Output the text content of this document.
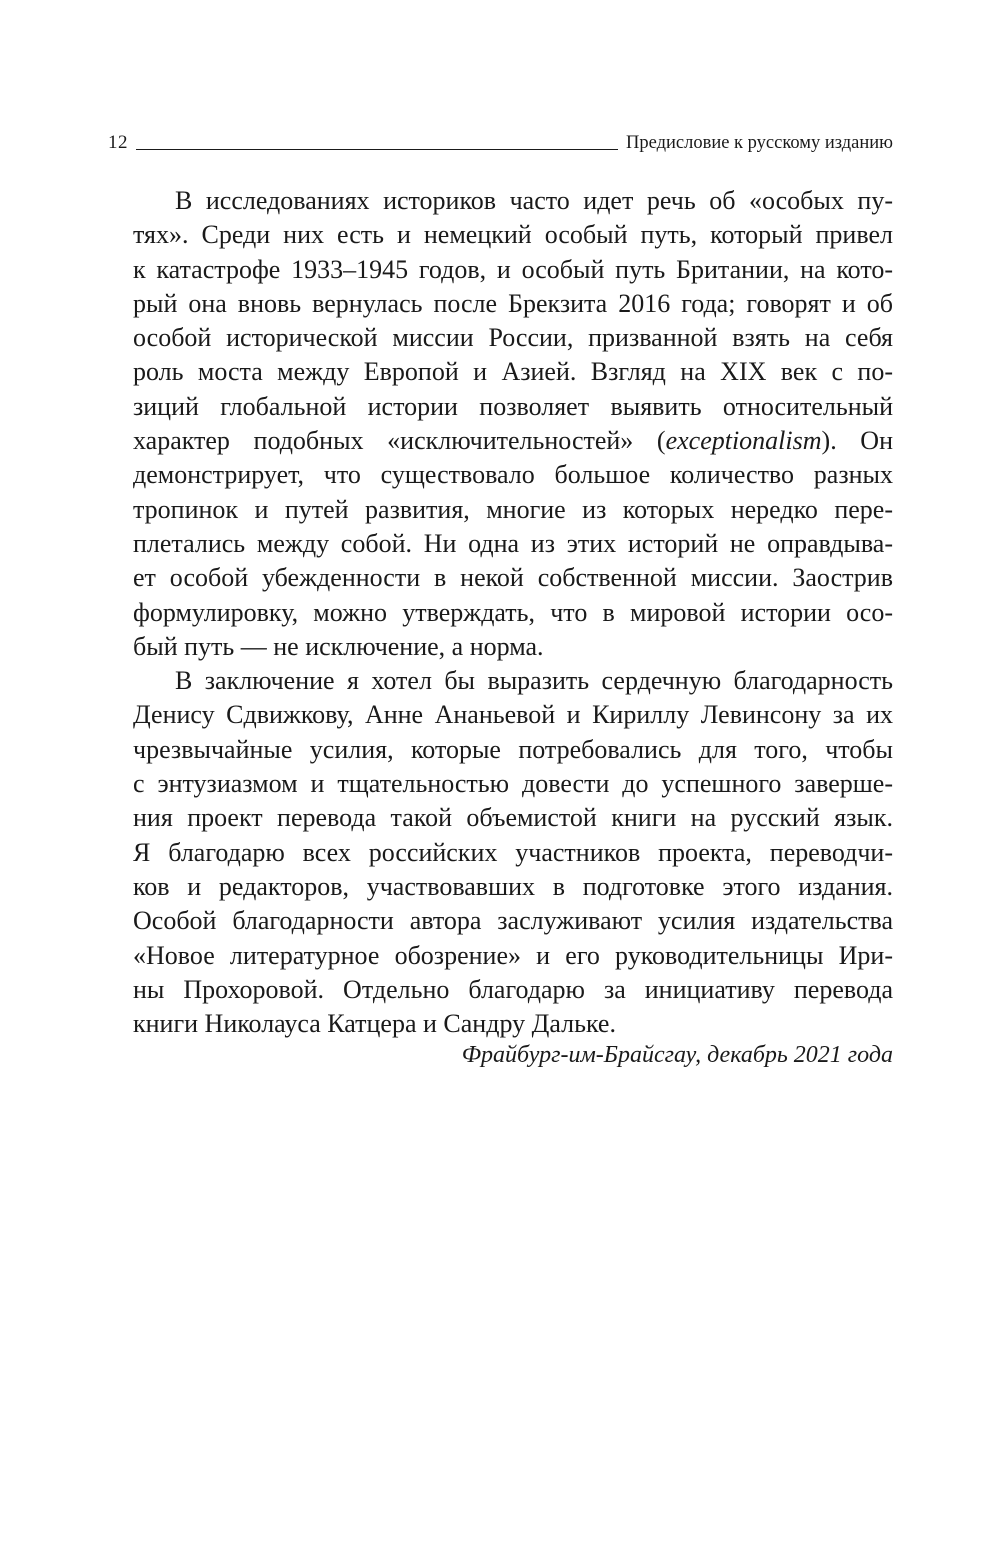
12	Предисловие к русскому изданию
В исследованиях историков часто идет речь об «особых пу-
тях». Среди них есть и немецкий особый путь, который привел
к катастрофе 1933–1945 годов, и особый путь Британии, на кото-
рый она вновь вернулась после Брекзита 2016 года; говорят и об
особой исторической миссии России, призванной взять на себя
роль моста между Европой и Азией. Взгляд на XIX век с по-
зиций глобальной истории позволяет выявить относительный
характер подобных «исключительностей» (exceptionalism). Он
демонстрирует, что существовало большое количество разных
тропинок и путей развития, многие из которых нередко пере-
плетались между собой. Ни одна из этих историй не оправдыва-
ет особой убежденности в некой собственной миссии. Заострив
формулировку, можно утверждать, что в мировой истории осо-
бый путь — не исключение, а норма.
В заключение я хотел бы выразить сердечную благодарность
Денису Сдвижкову, Анне Ананьевой и Кириллу Левинсону за их
чрезвычайные усилия, которые потребовались для того, чтобы
с энтузиазмом и тщательностью довести до успешного заверше-
ния проект перевода такой объемистой книги на русский язык.
Я благодарю всех российских участников проекта, переводчи-
ков и редакторов, участвовавших в подготовке этого издания.
Особой благодарности автора заслуживают усилия издательства
«Новое литературное обозрение» и его руководительницы Ири-
ны Прохоровой. Отдельно благодарю за инициативу перевода
книги Николауса Катцера и Сандру Дальке.
Фрайбург-им-Брайсгау, декабрь 2021 года
